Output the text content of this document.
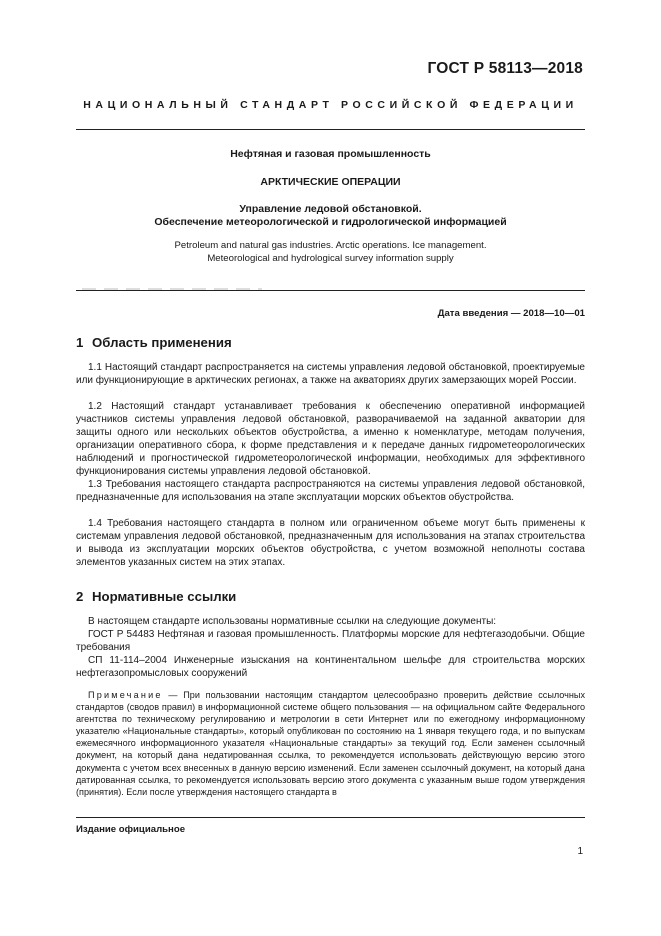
ГОСТ Р 58113—2018
НАЦИОНАЛЬНЫЙ СТАНДАРТ РОССИЙСКОЙ ФЕДЕРАЦИИ
Нефтяная и газовая промышленность
АРКТИЧЕСКИЕ ОПЕРАЦИИ
Управление ледовой обстановкой.
Обеспечение метеорологической и гидрологической информацией
Petroleum and natural gas industries. Arctic operations. Ice management.
Meteorological and hydrological survey information supply
Дата введения — 2018—10—01
1 Область применения
1.1 Настоящий стандарт распространяется на системы управления ледовой обстановкой, проектируемые или функционирующие в арктических регионах, а также на акваториях других замерзающих морей России.
1.2 Настоящий стандарт устанавливает требования к обеспечению оперативной информацией участников системы управления ледовой обстановкой, разворачиваемой на заданной акватории для защиты одного или нескольких объектов обустройства, а именно к номенклатуре, методам получения, организации оперативного сбора, к форме представления и к передаче данных гидрометеорологических наблюдений и прогностической гидрометеорологической информации, необходимых для эффективного функционирования системы управления ледовой обстановкой.
1.3 Требования настоящего стандарта распространяются на системы управления ледовой обстановкой, предназначенные для использования на этапе эксплуатации морских объектов обустройства.
1.4 Требования настоящего стандарта в полном или ограниченном объеме могут быть применены к системам управления ледовой обстановкой, предназначенным для использования на этапах строительства и вывода из эксплуатации морских объектов обустройства, с учетом возможной неполноты состава элементов указанных систем на этих этапах.
2 Нормативные ссылки
В настоящем стандарте использованы нормативные ссылки на следующие документы:
ГОСТ Р 54483 Нефтяная и газовая промышленность. Платформы морские для нефтегазодобычи. Общие требования
СП 11-114–2004 Инженерные изыскания на континентальном шельфе для строительства морских нефтегазопромысловых сооружений
Примечание — При пользовании настоящим стандартом целесообразно проверить действие ссылочных стандартов (сводов правил) в информационной системе общего пользования — на официальном сайте Федерального агентства по техническому регулированию и метрологии в сети Интернет или по ежегодному информационному указателю «Национальные стандарты», который опубликован по состоянию на 1 января текущего года, и по выпускам ежемесячного информационного указателя «Национальные стандарты» за текущий год. Если заменен ссылочный документ, на который дана недатированная ссылка, то рекомендуется использовать действующую версию этого документа с учетом всех внесенных в данную версию изменений. Если заменен ссылочный документ, на который дана датированная ссылка, то рекомендуется использовать версию этого документа с указанным выше годом утверждения (принятия). Если после утверждения настоящего стандарта в
Издание официальное
1
